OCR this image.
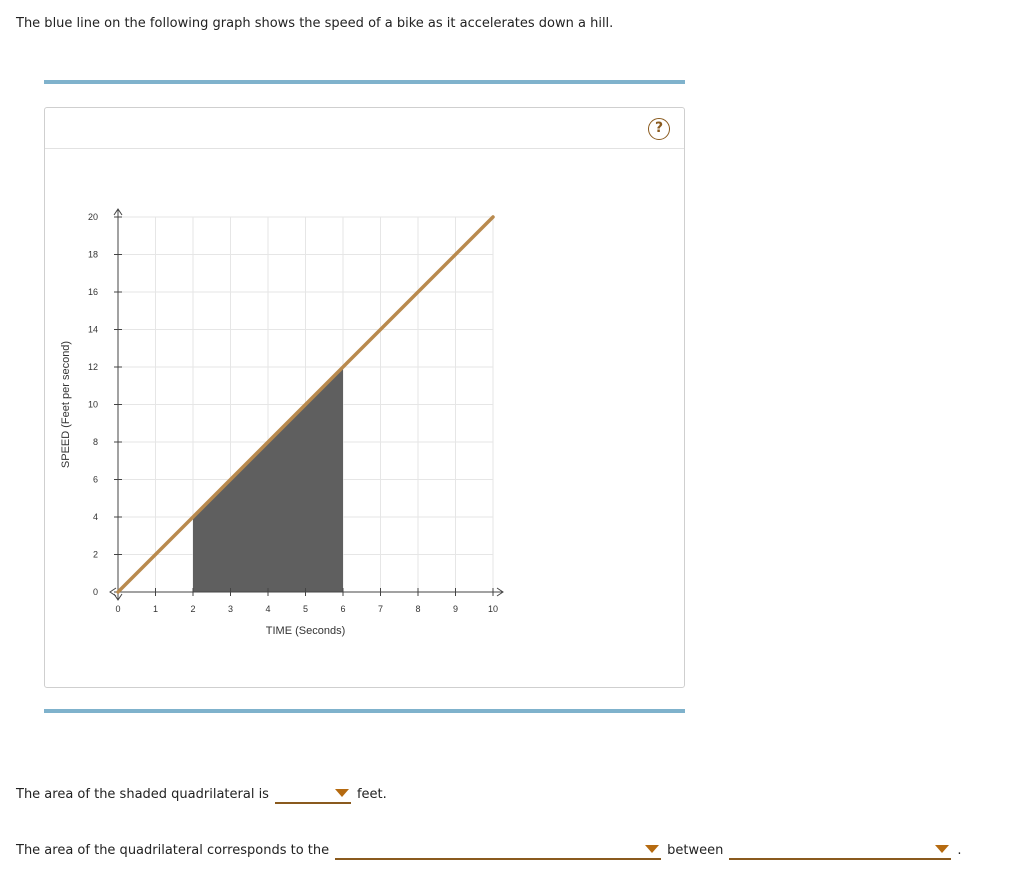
The blue line on the following graph shows the speed of a bike as it accelerates down a hill.

?
0	1	2	3	4	5	6	7	8	9	10
0
2
4
6
8
10
12
14
16
18
20
TIME (Seconds)
SPEED (Feet per second)
The area of the shaded quadrilateral is	feet.
The area of the quadrilateral corresponds to the	between	.
